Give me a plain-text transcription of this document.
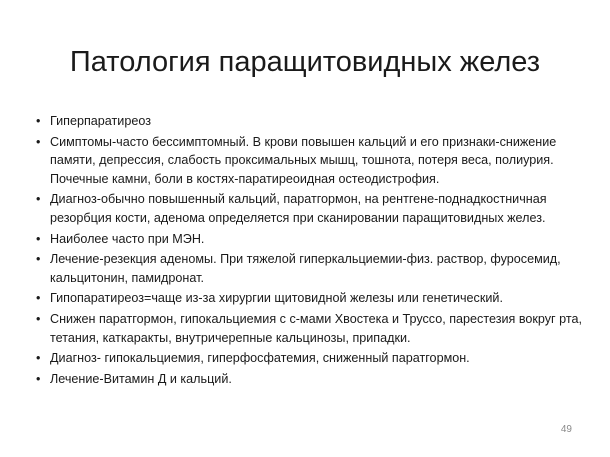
Патология паращитовидных желез
• Гиперпаратиреоз
• Симптомы-часто бессимптомный. В крови повышен кальций и его признаки-снижение памяти, депрессия, слабость проксимальных мышц, тошнота, потеря веса, полиурия. Почечные камни, боли в костях-паратиреоидная остеодистрофия.
• Диагноз-обычно повышенный кальций, паратгормон, на рентгене-поднадкостничная резорбция кости, аденома определяется при сканировании паращитовидных желез.
• Наиболее часто при МЭН.
• Лечение-резекция аденомы. При тяжелой гиперкальциемии-физ. раствор, фуросемид, кальцитонин, памидронат.
• Гипопаратиреоз=чаще из-за хирургии щитовидной железы или генетический.
• Снижен паратгормон, гипокальциемия с с-мами Хвостека и Труссо, парестезия вокруг рта, тетания, каткаракты, внутричерепные кальцинозы, припадки.
• Диагноз- гипокальциемия, гиперфосфатемия, сниженный паратгормон.
• Лечение-Витамин Д и кальций.
49
